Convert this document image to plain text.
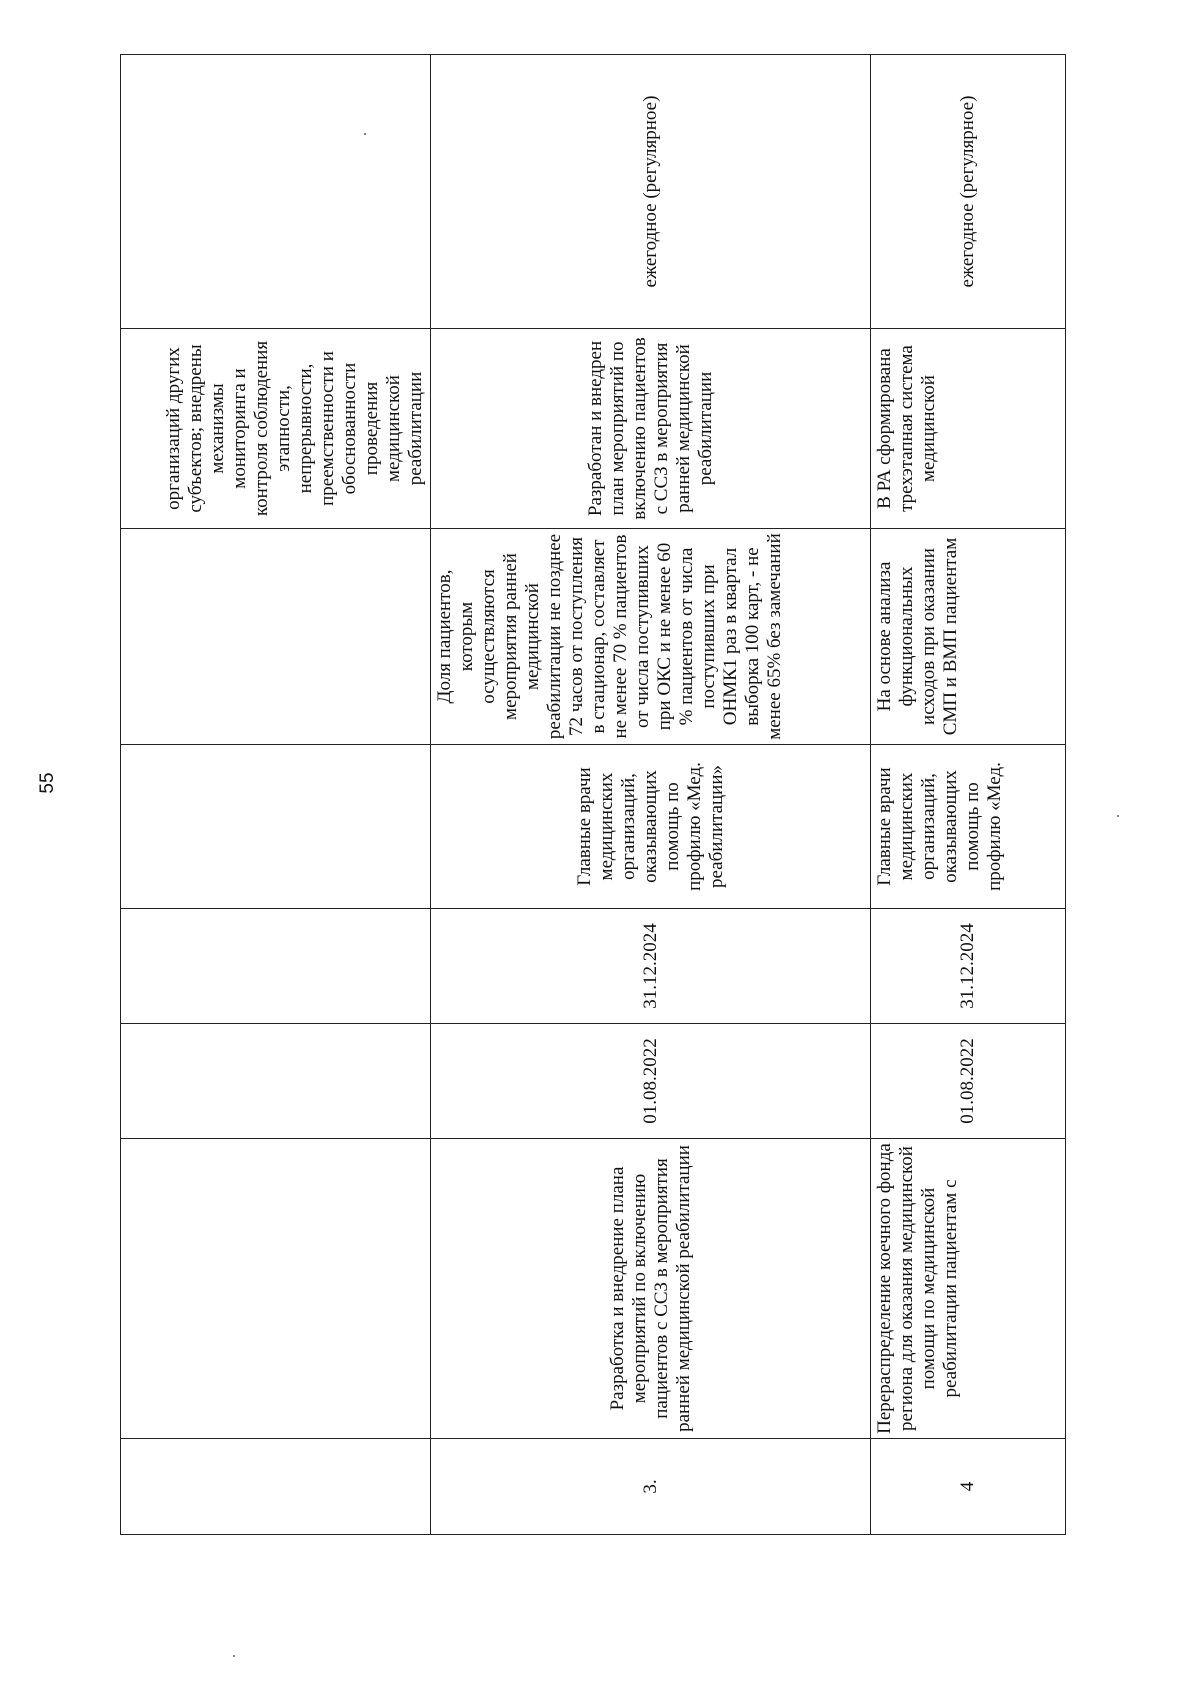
55
						организаций других субъектов; внедрены механизмы мониторинга и контроля соблюдения этапности, непрерывности, преемственности и обоснованности проведения медицинской реабилитации	
3.	Разработка и внедрение плана мероприятий по включению пациентов с ССЗ в мероприятия ранней медицинской реабилитации	01.08.2022	31.12.2024	Главные врачи медицинских организаций, оказывающих помощь по профилю «Мед. реабилитации»	Доля пациентов, которым осуществляются мероприятия ранней медицинской реабилитации не позднее 72 часов от поступления в стационар, составляет не менее 70 % пациентов от числа поступивших при ОКС и не менее 60 % пациентов от числа поступивших при ОНМК1 раз в квартал выборка 100 карт, - не менее 65% без замечаний	Разработан и внедрен план мероприятий по включению пациентов с ССЗ в мероприятия ранней медицинской реабилитации	ежегодное (регулярное)
4	Перераспределение коечного фонда региона для оказания медицинской помощи по медицинской реабилитации пациентам с	01.08.2022	31.12.2024	Главные врачи медицинских организаций, оказывающих помощь по профилю «Мед.	На основе анализа функциональных исходов при оказании СМП и ВМП пациентам	В РА сформирована трехэтапная система медицинской	ежегодное (регулярное)
